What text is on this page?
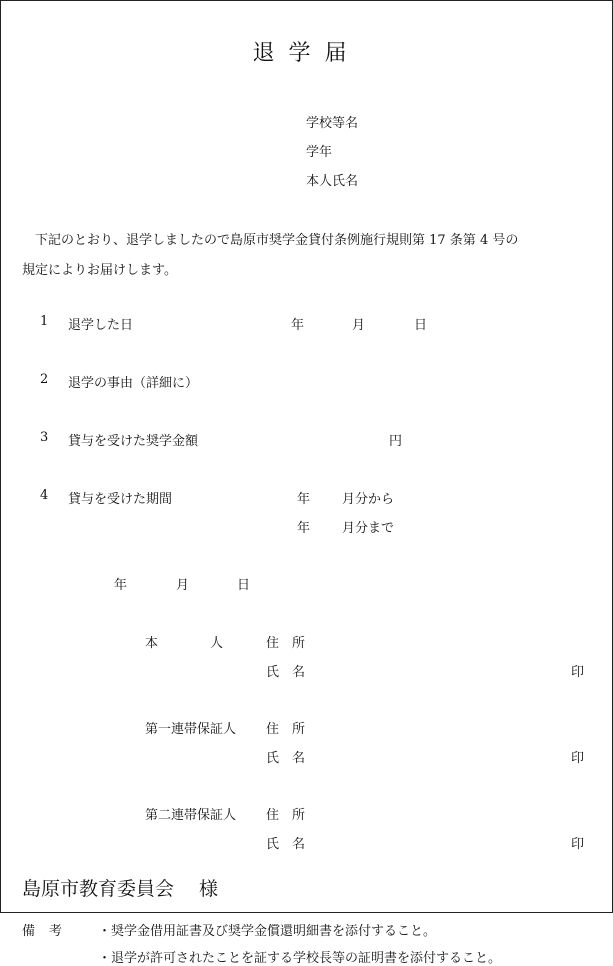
退学届
学校等名
学年
本人氏名
下記のとおり、退学しましたので島原市奨学金貸付条例施行規則第 17 条第 4 号の
規定によりお届けします。
1 退学した日	年	月	日
2 退学の事由（詳細に）
3 貸与を受けた奨学金額	円
4 貸与を受けた期間	年 月分から
年 月分まで
年	月	日
本　　　　人	住　所
氏　名	印
第一連帯保証人 住　所
氏　名	印
第二連帯保証人 住　所
氏　名	印
島原市教育委員会　 様
備考 ・奨学金借用証書及び奨学金償還明細書を添付すること。
・退学が許可されたことを証する学校長等の証明書を添付すること。
